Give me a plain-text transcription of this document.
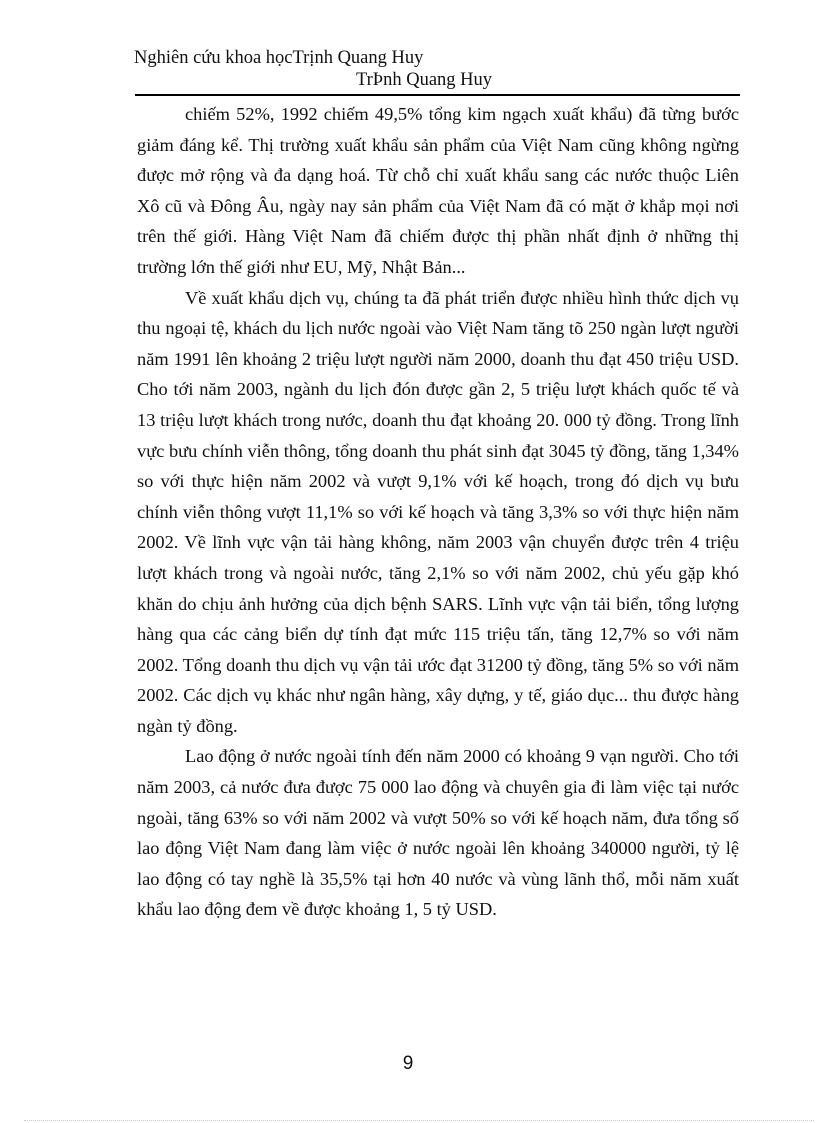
Nghiên cứu khoa họcTrịnh Quang Huy
TrÞnh Quang Huy

chiếm 52%, 1992 chiếm 49,5% tổng kim ngạch xuất khẩu) đã từng bước giảm đáng kể. Thị trường xuất khẩu sản phẩm của Việt Nam cũng không ngừng được mở rộng và đa dạng hoá. Từ chỗ chỉ xuất khẩu sang các nước thuộc Liên Xô cũ và Đông Âu, ngày nay sản phẩm của Việt Nam đã có mặt ở khắp mọi nơi trên thế giới. Hàng Việt Nam đã chiếm được thị phần nhất định ở những thị trường lớn thế giới như EU, Mỹ, Nhật Bản...

Về xuất khẩu dịch vụ, chúng ta đã phát triển được nhiều hình thức dịch vụ thu ngoại tệ, khách du lịch nước ngoài vào Việt Nam tăng tõ 250 ngàn lượt người năm 1991 lên khoảng 2 triệu lượt người năm 2000, doanh thu đạt 450 triệu USD. Cho tới năm 2003, ngành du lịch đón được gần 2, 5 triệu lượt khách quốc tế và 13 triệu lượt khách trong nước, doanh thu đạt khoảng 20. 000 tỷ đồng. Trong lĩnh vực bưu chính viễn thông, tổng doanh thu phát sinh đạt 3045 tỷ đồng, tăng 1,34% so với thực hiện năm 2002 và vượt 9,1% với kế hoạch, trong đó dịch vụ bưu chính viễn thông vượt 11,1% so với kế hoạch và tăng 3,3% so với thực hiện năm 2002. Về lĩnh vực vận tải hàng không, năm 2003 vận chuyển được trên 4 triệu lượt khách trong và ngoài nước, tăng 2,1% so với năm 2002, chủ yếu gặp khó khăn do chịu ảnh hưởng của dịch bệnh SARS. Lĩnh vực vận tải biển, tổng lượng hàng qua các cảng biển dự tính đạt mức 115 triệu tấn, tăng 12,7% so với năm 2002. Tổng doanh thu dịch vụ vận tải ước đạt 31200 tỷ đồng, tăng 5% so với năm 2002. Các dịch vụ khác như ngân hàng, xây dựng, y tế, giáo dục... thu được hàng ngàn tỷ đồng.

Lao động ở nước ngoài tính đến năm 2000 có khoảng 9 vạn người. Cho tới năm 2003, cả nước đưa được 75 000 lao động và chuyên gia đi làm việc tại nước ngoài, tăng 63% so với năm 2002 và vượt 50% so với kế hoạch năm, đưa tổng số lao động Việt Nam đang làm việc ở nước ngoài lên khoảng 340000 người, tỷ lệ lao động có tay nghề là 35,5% tại hơn 40 nước và vùng lãnh thổ, mỗi năm xuất khẩu lao động đem về được khoảng 1, 5 tỷ USD.

9
